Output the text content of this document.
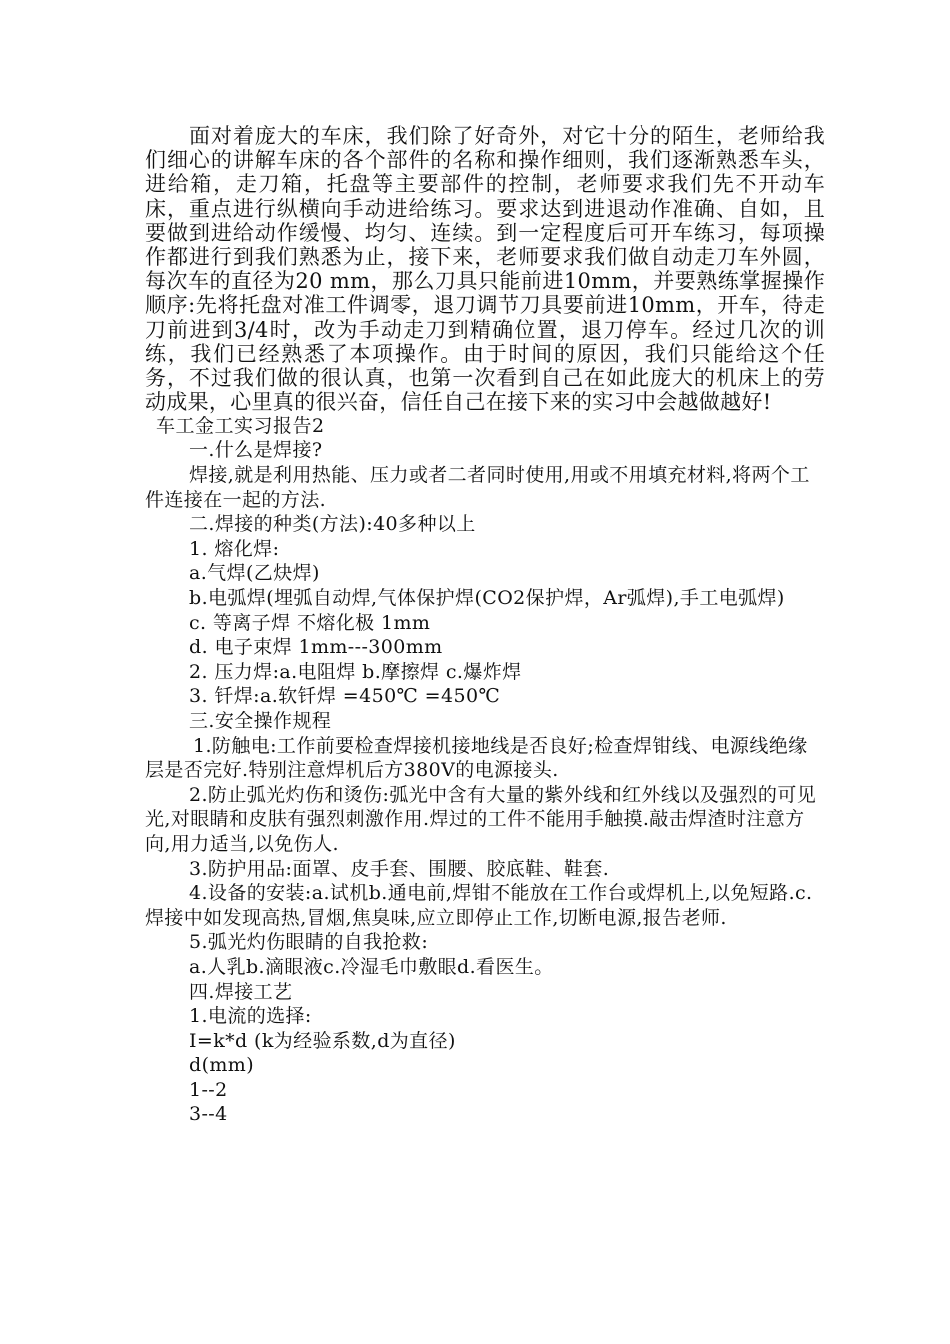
面对着庞大的车床，我们除了好奇外，对它十分的陌生，老师给我们细心的讲解车床的各个部件的名称和操作细则，我们逐渐熟悉车头，进给箱，走刀箱，托盘等主要部件的控制，老师要求我们先不开动车床，重点进行纵横向手动进给练习。要求达到进退动作准确、自如，且要做到进给动作缓慢、均匀、连续。到一定程度后可开车练习，每项操作都进行到我们熟悉为止，接下来，老师要求我们做自动走刀车外圆，每次车的直径为20 mm，那么刀具只能前进10mm，并要熟练掌握操作顺序:先将托盘对准工件调零，退刀调节刀具要前进10mm，开车，待走刀前进到3/4时，改为手动走刀到精确位置，退刀停车。经过几次的训练，我们已经熟悉了本项操作。由于时间的原因，我们只能给这个任务，不过我们做的很认真，也第一次看到自己在如此庞大的机床上的劳动成果，心里真的很兴奋，信任自己在接下来的实习中会越做越好!

车工金工实习报告2

一.什么是焊接?

焊接,就是利用热能、压力或者二者同时使用,用或不用填充材料,将两个工件连接在一起的方法.

二.焊接的种类(方法):40多种以上

1. 熔化焊:

a.气焊(乙炔焊)

b.电弧焊(埋弧自动焊,气体保护焊(CO2保护焊，Ar弧焊),手工电弧焊)

c. 等离子焊 不熔化极 1mm

d. 电子束焊 1mm---300mm

2. 压力焊:a.电阻焊 b.摩擦焊 c.爆炸焊

3. 钎焊:a.软钎焊 =450℃ =450℃

三.安全操作规程

1.防触电:工作前要检查焊接机接地线是否良好;检查焊钳线、电源线绝缘层是否完好.特别注意焊机后方380V的电源接头.

2.防止弧光灼伤和烫伤:弧光中含有大量的紫外线和红外线以及强烈的可见光,对眼睛和皮肤有强烈刺激作用.焊过的工件不能用手触摸.敲击焊渣时注意方向,用力适当,以免伤人.

3.防护用品:面罩、皮手套、围腰、胶底鞋、鞋套.

4.设备的安装:a.试机b.通电前,焊钳不能放在工作台或焊机上,以免短路.c.焊接中如发现高热,冒烟,焦臭味,应立即停止工作,切断电源,报告老师.

5.弧光灼伤眼睛的自我抢救:

a.人乳b.滴眼液c.冷湿毛巾敷眼d.看医生。

四.焊接工艺

1.电流的选择:

I=k*d (k为经验系数,d为直径)

d(mm)

1--2

3--4
